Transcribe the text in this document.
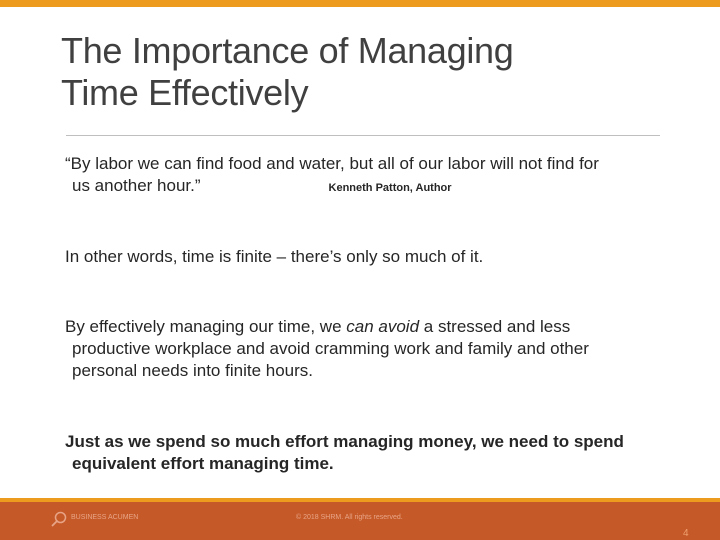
The Importance of Managing
Time Effectively
“By labor we can find food and water, but all of our labor will not find for
us another hour.”	Kenneth Patton, Author
In other words, time is finite – there’s only so much of it.
By effectively managing our time, we can avoid a stressed and less
productive workplace and avoid cramming work and family and other
personal needs into finite hours.
Just as we spend so much effort managing money, we need to spend
equivalent effort managing time.
BUSINESS ACUMEN	© 2018 SHRM. All rights reserved.
4
